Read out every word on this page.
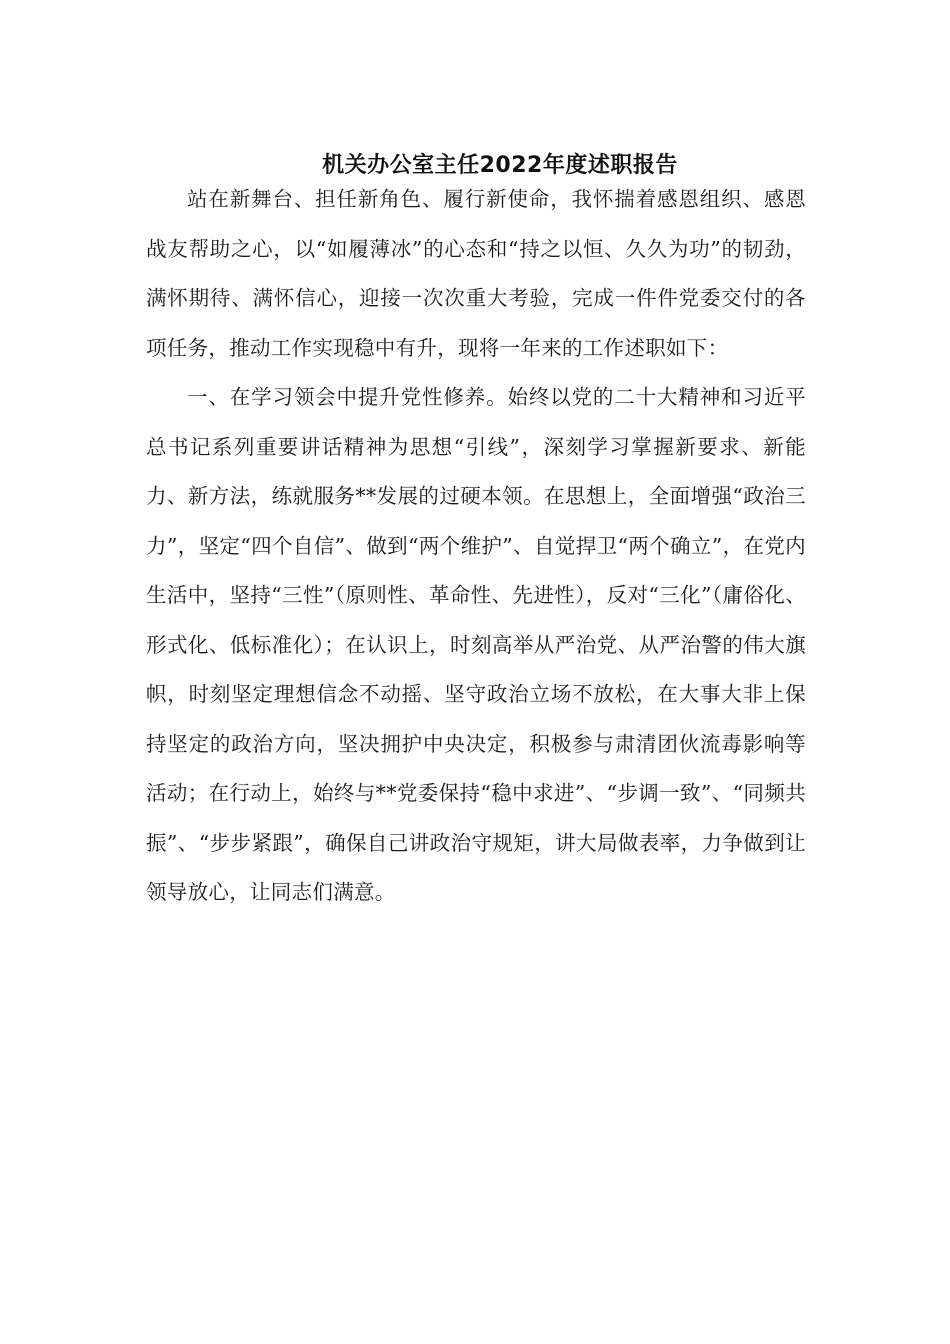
机关办公室主任2022年度述职报告

站在新舞台、担任新角色、履行新使命，我怀揣着感恩组织、感恩战友帮助之心，以“如履薄冰”的心态和“持之以恒、久久为功”的韧劲，满怀期待、满怀信心，迎接一次次重大考验，完成一件件党委交付的各项任务，推动工作实现稳中有升，现将一年来的工作述职如下：

一、在学习领会中提升党性修养。始终以党的二十大精神和习近平总书记系列重要讲话精神为思想“引线”，深刻学习掌握新要求、新能力、新方法，练就服务**发展的过硬本领。在思想上，全面增强“政治三力”，坚定“四个自信”、做到“两个维护”、自觉捍卫“两个确立”，在党内生活中，坚持“三性”（原则性、革命性、先进性），反对“三化”（庸俗化、形式化、低标准化）；在认识上，时刻高举从严治党、从严治警的伟大旗帜，时刻坚定理想信念不动摇、坚守政治立场不放松，在大事大非上保持坚定的政治方向，坚决拥护中央决定，积极参与肃清团伙流毒影响等活动；在行动上，始终与**党委保持“稳中求进”、“步调一致”、“同频共振”、“步步紧跟”，确保自己讲政治守规矩，讲大局做表率，力争做到让领导放心，让同志们满意。
